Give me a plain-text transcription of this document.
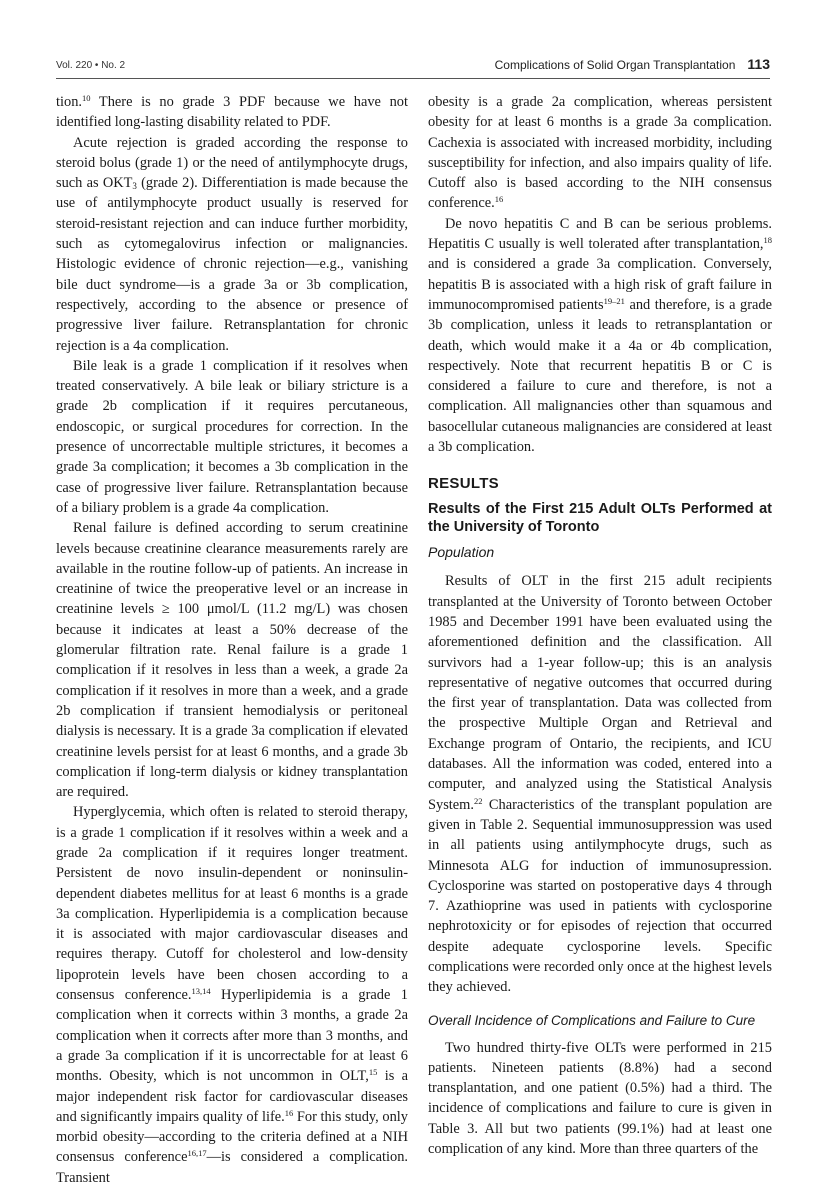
Vol. 220 • No. 2	Complications of Solid Organ Transplantation 113

tion.$^{10}$ There is no grade 3 PDF because we have not identified long-lasting disability related to PDF.

Acute rejection is graded according the response to steroid bolus (grade 1) or the need of antilymphocyte drugs, such as $OKT_3$ (grade 2). Differentiation is made because the use of antilymphocyte product usually is reserved for steroid-resistant rejection and can induce further morbidity, such as cytomegalovirus infection or malignancies. Histologic evidence of chronic rejection—e.g., vanishing bile duct syndrome—is a grade 3a or 3b complication, respectively, according to the absence or presence of progressive liver failure. Retransplantation for chronic rejection is a 4a complication.

Bile leak is a grade 1 complication if it resolves when treated conservatively. A bile leak or biliary stricture is a grade 2b complication if it requires percutaneous, endoscopic, or surgical procedures for correction. In the presence of uncorrectable multiple strictures, it becomes a grade 3a complication; it becomes a 3b complication in the case of progressive liver failure. Retransplantation because of a biliary problem is a grade 4a complication.

Renal failure is defined according to serum creatinine levels because creatinine clearance measurements rarely are available in the routine follow-up of patients. An increase in creatinine of twice the preoperative level or an increase in creatinine levels ≥ 100 μmol/L (11.2 mg/L) was chosen because it indicates at least a 50% decrease of the glomerular filtration rate. Renal failure is a grade 1 complication if it resolves in less than a week, a grade 2a complication if it resolves in more than a week, and a grade 2b complication if transient hemodialysis or peritoneal dialysis is necessary. It is a grade 3a complication if elevated creatinine levels persist for at least 6 months, and a grade 3b complication if long-term dialysis or kidney transplantation are required.

Hyperglycemia, which often is related to steroid therapy, is a grade 1 complication if it resolves within a week and a grade 2a complication if it requires longer treatment. Persistent de novo insulin-dependent or noninsulin-dependent diabetes mellitus for at least 6 months is a grade 3a complication. Hyperlipidemia is a complication because it is associated with major cardiovascular diseases and requires therapy. Cutoff for cholesterol and low-density lipoprotein levels have been chosen according to a consensus conference.$^{13,14}$ Hyperlipidemia is a grade 1 complication when it corrects within 3 months, a grade 2a complication when it corrects after more than 3 months, and a grade 3a complication if it is uncorrectable for at least 6 months. Obesity, which is not uncommon in OLT,$^{15}$ is a major independent risk factor for cardiovascular diseases and significantly impairs quality of life.$^{16}$ For this study, only morbid obesity—according to the criteria defined at a NIH consensus conference$^{16,17}$—is considered a complication. Transient

obesity is a grade 2a complication, whereas persistent obesity for at least 6 months is a grade 3a complication. Cachexia is associated with increased morbidity, including susceptibility for infection, and also impairs quality of life. Cutoff also is based according to the NIH consensus conference.$^{16}$

De novo hepatitis C and B can be serious problems. Hepatitis C usually is well tolerated after transplantation,$^{18}$ and is considered a grade 3a complication. Conversely, hepatitis B is associated with a high risk of graft failure in immunocompromised patients$^{19-21}$ and therefore, is a grade 3b complication, unless it leads to retransplantation or death, which would make it a 4a or 4b complication, respectively. Note that recurrent hepatitis B or C is considered a failure to cure and therefore, is not a complication. All malignancies other than squamous and basocellular cutaneous malignancies are considered at least a 3b complication.

RESULTS
Results of the First 215 Adult OLTs Performed at the University of Toronto
Population

Results of OLT in the first 215 adult recipients transplanted at the University of Toronto between October 1985 and December 1991 have been evaluated using the aforementioned definition and the classification. All survivors had a 1-year follow-up; this is an analysis representative of negative outcomes that occurred during the first year of transplantation. Data was collected from the prospective Multiple Organ and Retrieval and Exchange program of Ontario, the recipients, and ICU databases. All the information was coded, entered into a computer, and analyzed using the Statistical Analysis System.$^{22}$ Characteristics of the transplant population are given in Table 2. Sequential immunosuppression was used in all patients using antilymphocyte drugs, such as Minnesota ALG for induction of immunosupression. Cyclosporine was started on postoperative days 4 through 7. Azathioprine was used in patients with cyclosporine nephrotoxicity or for episodes of rejection that occurred despite adequate cyclosporine levels. Specific complications were recorded only once at the highest levels they achieved.

Overall Incidence of Complications and Failure to Cure

Two hundred thirty-five OLTs were performed in 215 patients. Nineteen patients (8.8%) had a second transplantation, and one patient (0.5%) had a third. The incidence of complications and failure to cure is given in Table 3. All but two patients (99.1%) had at least one complication of any kind. More than three quarters of the
